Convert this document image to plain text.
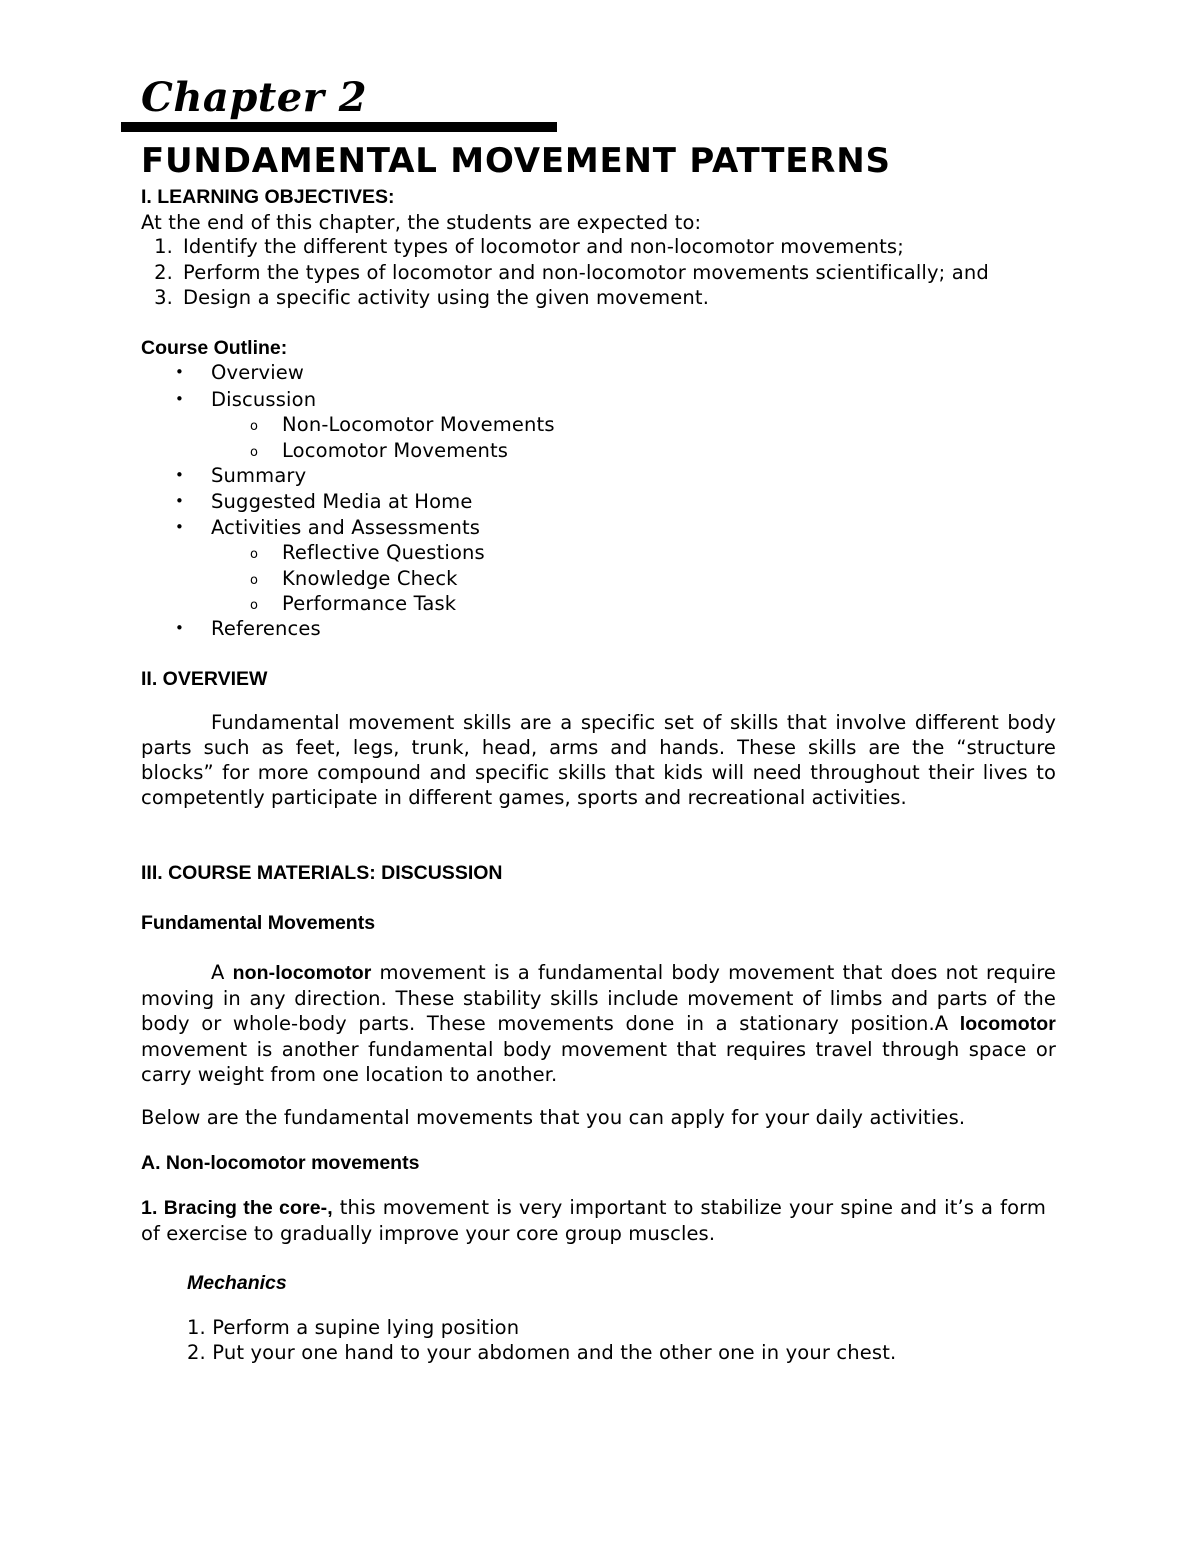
Chapter 2
FUNDAMENTAL MOVEMENT PATTERNS
I. LEARNING OBJECTIVES:
At the end of this chapter, the students are expected to:
1. Identify the different types of locomotor and non-locomotor movements;
2. Perform the types of locomotor and non-locomotor movements scientifically; and
3. Design a specific activity using the given movement.
Course Outline:
• Overview
• Discussion
o Non-Locomotor Movements
o Locomotor Movements
• Summary
• Suggested Media at Home
• Activities and Assessments
o Reflective Questions
o Knowledge Check
o Performance Task
• References
II. OVERVIEW
Fundamental movement skills are a specific set of skills that involve different body parts such as feet, legs, trunk, head, arms and hands. These skills are the “structure blocks” for more compound and specific skills that kids will need throughout their lives to competently participate in different games, sports and recreational activities.
III. COURSE MATERIALS: DISCUSSION
Fundamental Movements
A non-locomotor movement is a fundamental body movement that does not require moving in any direction. These stability skills include movement of limbs and parts of the body or whole-body parts. These movements done in a stationary position.A locomotor movement is another fundamental body movement that requires travel through space or carry weight from one location to another.
Below are the fundamental movements that you can apply for your daily activities.
A. Non-locomotor movements
1. Bracing the core-, this movement is very important to stabilize your spine and it’s a form of exercise to gradually improve your core group muscles.
Mechanics
1. Perform a supine lying position
2. Put your one hand to your abdomen and the other one in your chest.
